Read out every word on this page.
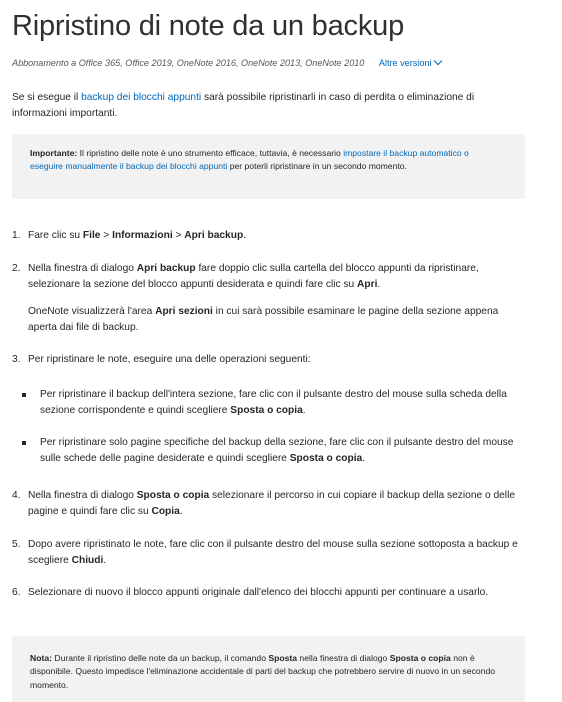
Ripristino di note da un backup
Abbonamento a Office 365, Office 2019, OneNote 2016, OneNote 2013, OneNote 2010 Altre versioni

Se si esegue il backup dei blocchi appunti sarà possibile ripristinarli in caso di perdita o eliminazione di informazioni importanti.

Importante: Il ripristino delle note è uno strumento efficace, tuttavia, è necessario impostare il backup automatico o eseguire manualmente il backup dei blocchi appunti per poterli ripristinare in un secondo momento.
1. Fare clic su File > Informazioni > Apri backup.
2. Nella finestra di dialogo Apri backup fare doppio clic sulla cartella del blocco appunti da ripristinare, selezionare la sezione del blocco appunti desiderata e quindi fare clic su Apri.
OneNote visualizzerà l'area Apri sezioni in cui sarà possibile esaminare le pagine della sezione appena aperta dai file di backup.
3. Per ripristinare le note, eseguire una delle operazioni seguenti:
Per ripristinare il backup dell'intera sezione, fare clic con il pulsante destro del mouse sulla scheda della sezione corrispondente e quindi scegliere Sposta o copia.
Per ripristinare solo pagine specifiche del backup della sezione, fare clic con il pulsante destro del mouse sulle schede delle pagine desiderate e quindi scegliere Sposta o copia.
4. Nella finestra di dialogo Sposta o copia selezionare il percorso in cui copiare il backup della sezione o delle pagine e quindi fare clic su Copia.
5. Dopo avere ripristinato le note, fare clic con il pulsante destro del mouse sulla sezione sottoposta a backup e scegliere Chiudi.
6. Selezionare di nuovo il blocco appunti originale dall'elenco dei blocchi appunti per continuare a usarlo.
Nota: Durante il ripristino delle note da un backup, il comando Sposta nella finestra di dialogo Sposta o copia non è disponibile. Questo impedisce l'eliminazione accidentale di parti del backup che potrebbero servire di nuovo in un secondo momento.
